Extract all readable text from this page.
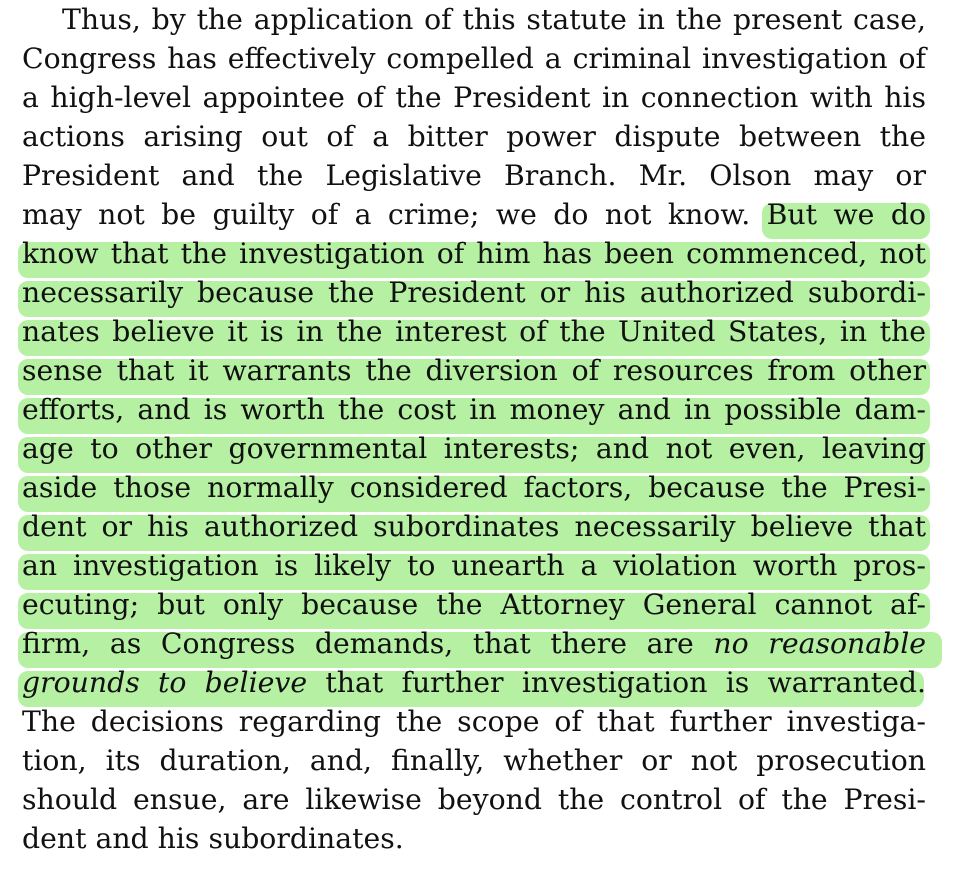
Thus, by the application of this statute in the present case,
Congress has effectively compelled a criminal investigation of
a high-level appointee of the President in connection with his
actions arising out of a bitter power dispute between the
President and the Legislative Branch. Mr. Olson may or
may not be guilty of a crime; we do not know. But we do
know that the investigation of him has been commenced, not
necessarily because the President or his authorized subordi-
nates believe it is in the interest of the United States, in the
sense that it warrants the diversion of resources from other
efforts, and is worth the cost in money and in possible dam-
age to other governmental interests; and not even, leaving
aside those normally considered factors, because the Presi-
dent or his authorized subordinates necessarily believe that
an investigation is likely to unearth a violation worth pros-
ecuting; but only because the Attorney General cannot af-
firm, as Congress demands, that there are no reasonable
grounds to believe that further investigation is warranted.
The decisions regarding the scope of that further investiga-
tion, its duration, and, finally, whether or not prosecution
should ensue, are likewise beyond the control of the Presi-
dent and his subordinates.
